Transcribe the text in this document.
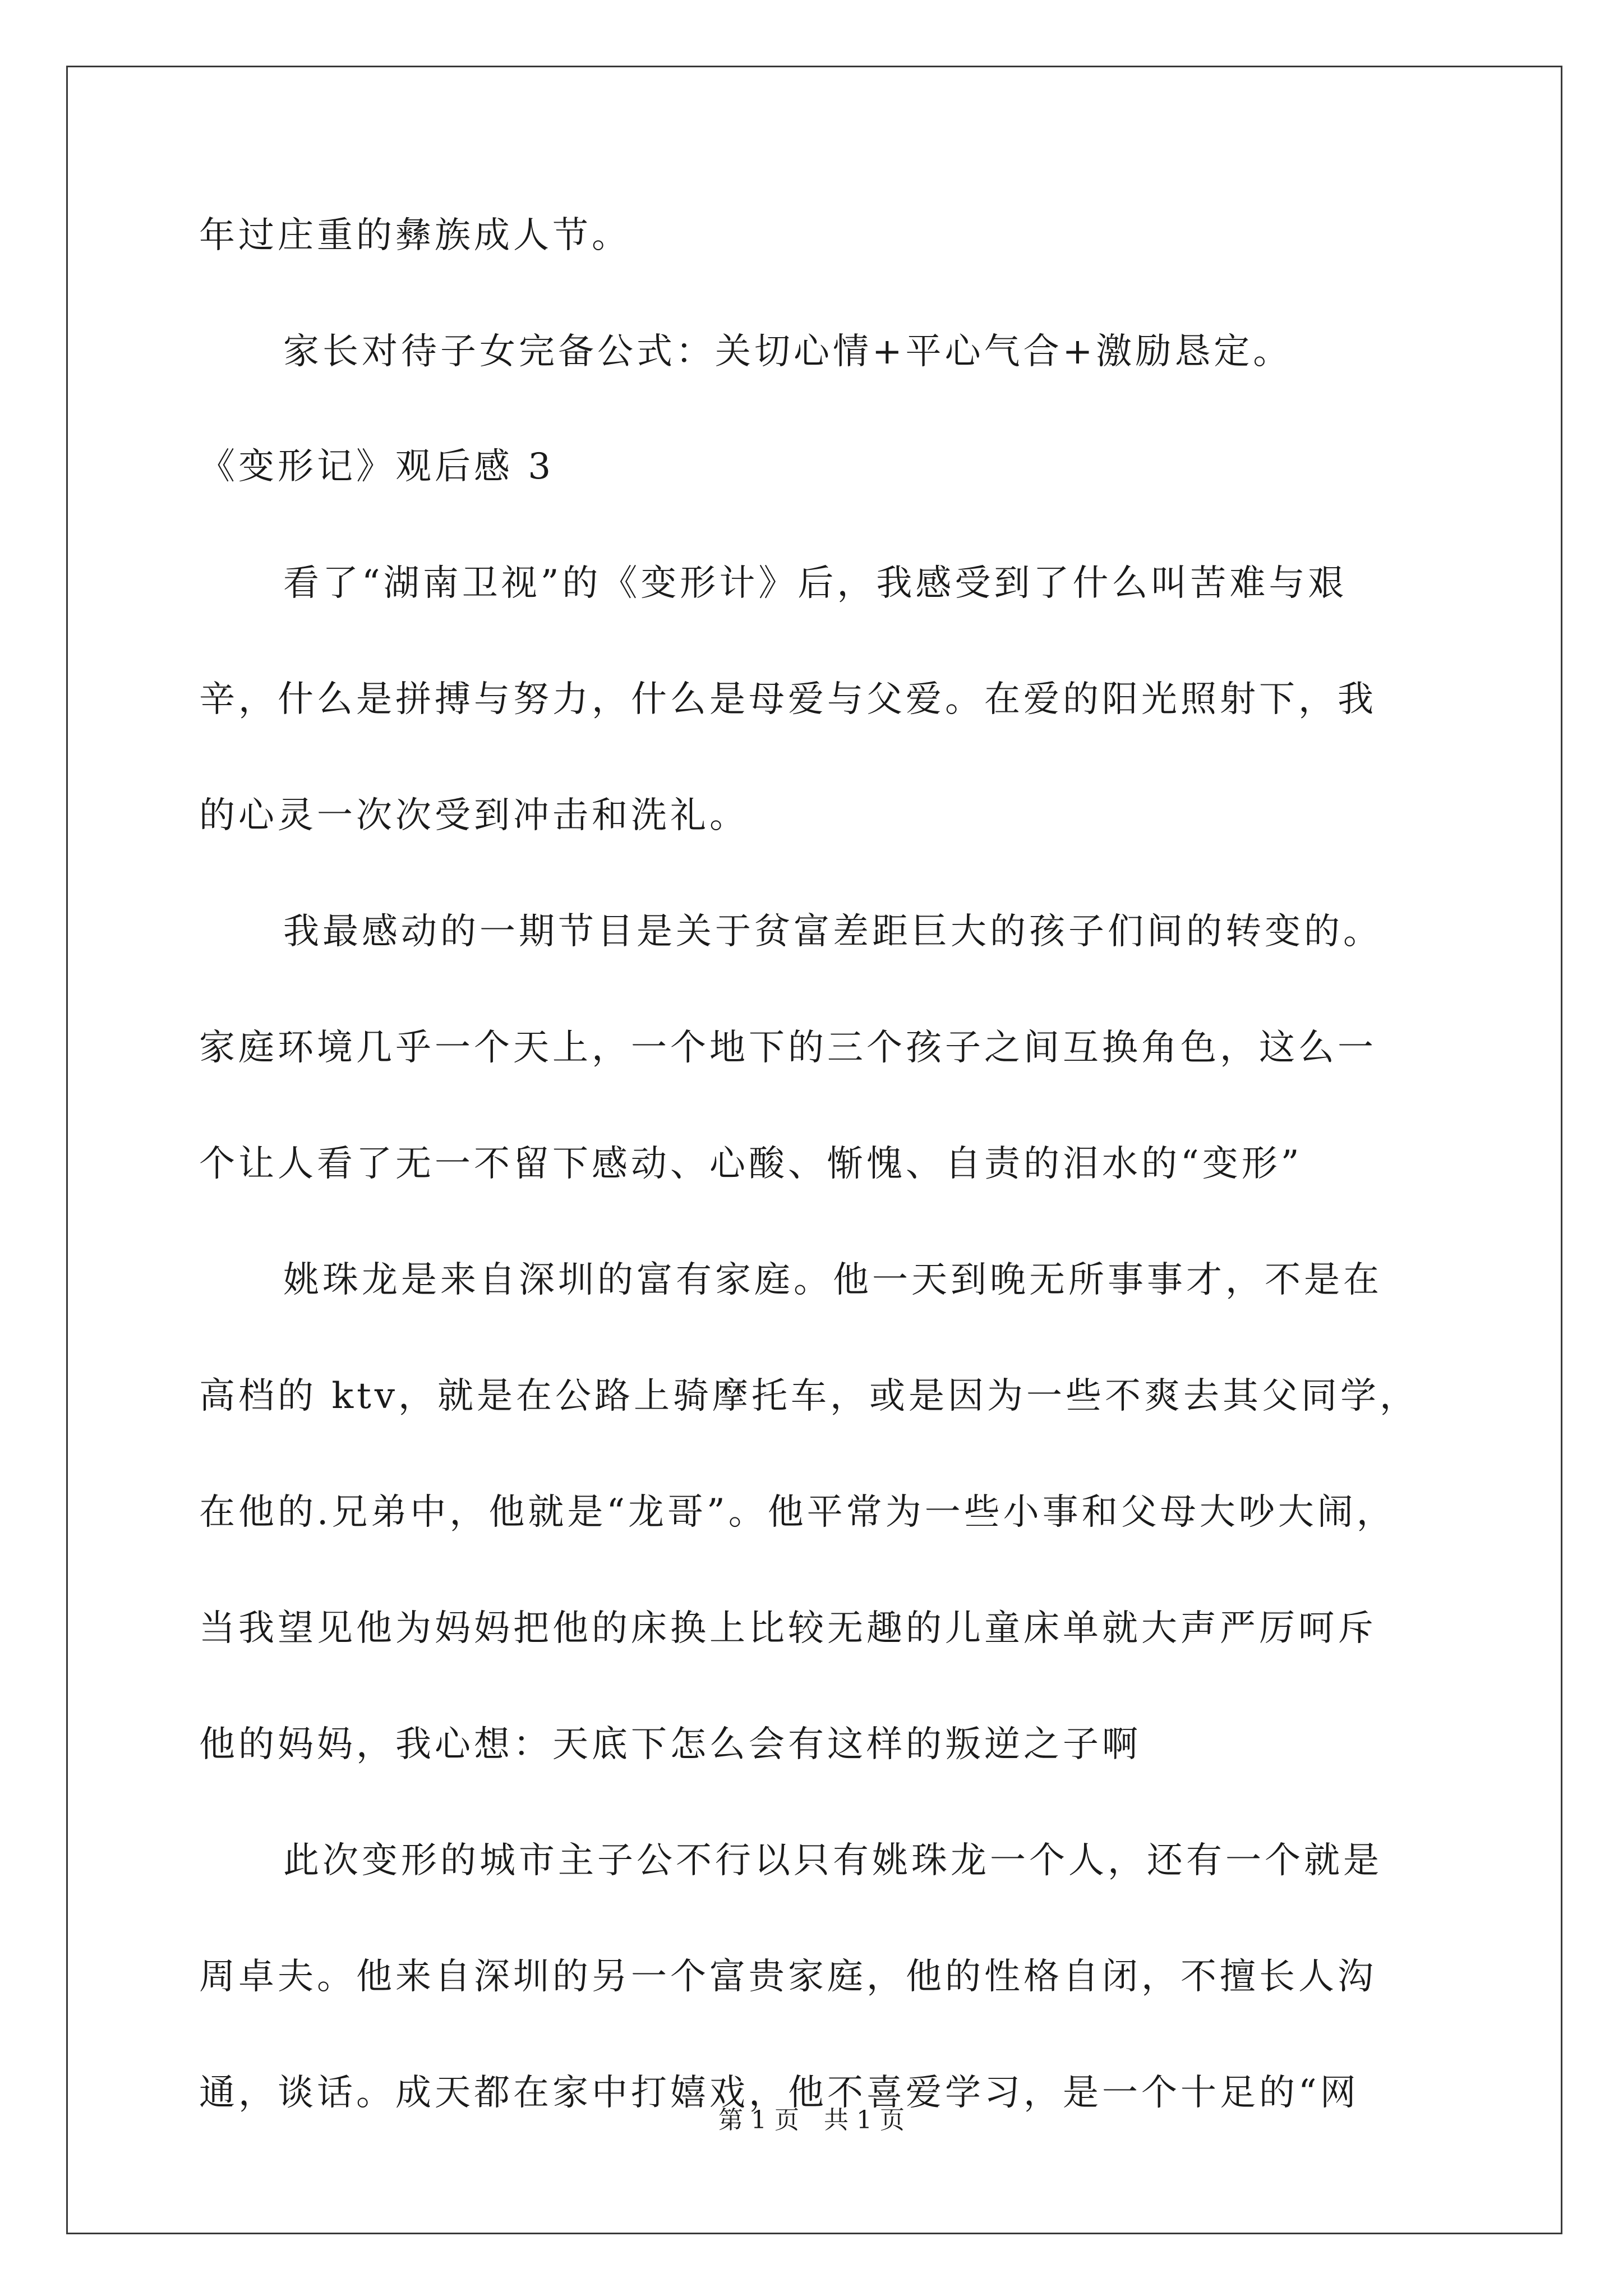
年过庄重的彝族成人节。
家长对待子女完备公式：关切心情+平心气合+激励恳定。
《变形记》观后感 3
看了“湖南卫视”的《变形计》后，我感受到了什么叫苦难与艰
辛，什么是拼搏与努力，什么是母爱与父爱。在爱的阳光照射下，我
的心灵一次次受到冲击和洗礼。
我最感动的一期节目是关于贫富差距巨大的孩子们间的转变的。
家庭环境几乎一个天上，一个地下的三个孩子之间互换角色，这么一
个让人看了无一不留下感动、心酸、惭愧、自责的泪水的“变形”
姚珠龙是来自深圳的富有家庭。他一天到晚无所事事才，不是在
高档的 ktv，就是在公路上骑摩托车，或是因为一些不爽去其父同学，
在他的.兄弟中，他就是“龙哥”。他平常为一些小事和父母大吵大闹，
当我望见他为妈妈把他的床换上比较无趣的儿童床单就大声严厉呵斥
他的妈妈，我心想：天底下怎么会有这样的叛逆之子啊
此次变形的城市主子公不行以只有姚珠龙一个人，还有一个就是
周卓夫。他来自深圳的另一个富贵家庭，他的性格自闭，不擅长人沟
通，谈话。成天都在家中打嬉戏，他不喜爱学习，是一个十足的“网
第 1 页　共 1 页
